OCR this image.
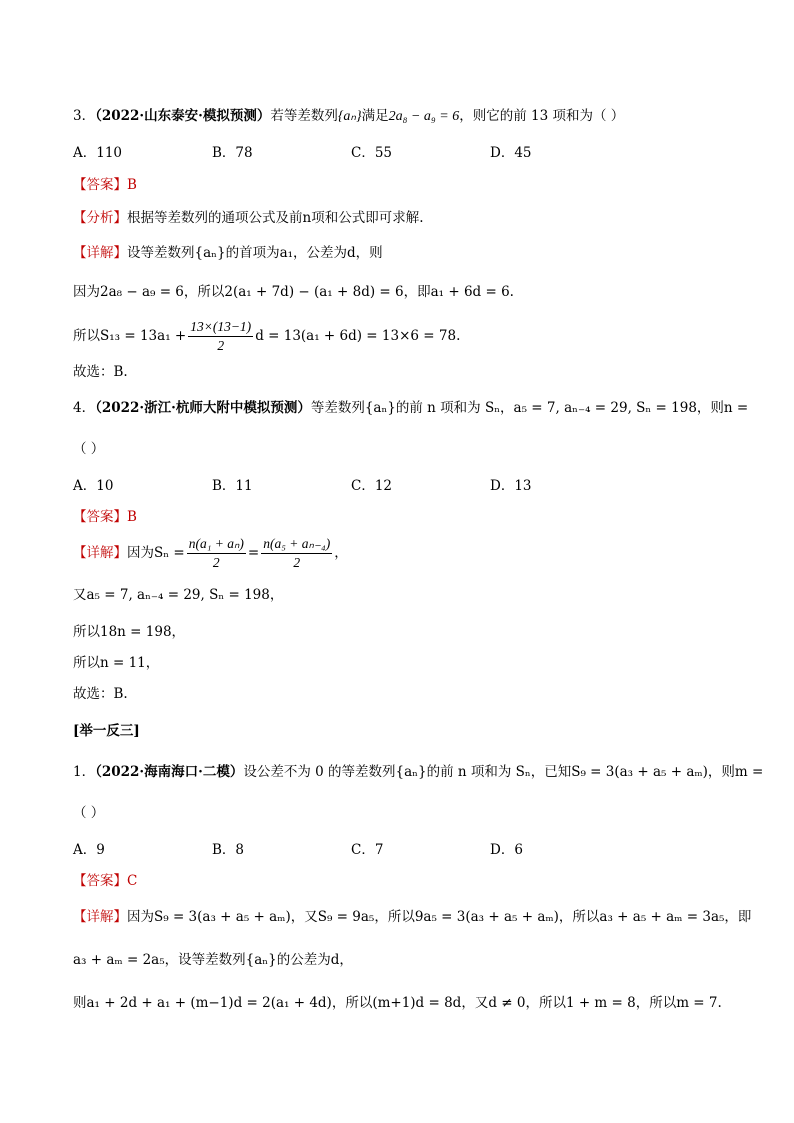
3．（2022·山东泰安·模拟预测）若等差数列{aₙ}满足2a₈ − a₉ = 6，则它的前 13 项和为（ ）
A．110	B．78	C．55	D．45
【答案】B
【分析】根据等差数列的通项公式及前n项和公式即可求解.
【详解】设等差数列{aₙ}的首项为a₁，公差为d，则
因为2a₈ − a₉ = 6，所以2(a₁ + 7d) − (a₁ + 8d) = 6，即a₁ + 6d = 6.
所以$S_{13} = 13a_1 + \frac{13\times(13-1)}{2}$ d = 13(a₁ + 6d) = 13×6 = 78.
故选：B.
4．（2022·浙江·杭师大附中模拟预测）等差数列{aₙ}的前 n 项和为 Sₙ，a₅ = 7, aₙ₋₄ = 29, Sₙ = 198，则n =
（ ）
A．10	B．11	C．12	D．13
【答案】B
【详解】因为$S_n = \frac{\text{n(a₁ + aₙ)}}{2} = \frac{\text{n(a₅ + aₙ₋₄)}}{2}$ ，
又a₅ = 7, aₙ₋₄ = 29, Sₙ = 198，
所以18n = 198，
所以n = 11，
故选：B.
[举一反三]
1．（2022·海南海口·二模）设公差不为 0 的等差数列{aₙ}的前 n 项和为 Sₙ，已知S₉ = 3(a₃ + a₅ + aₘ)，则m =
（ ）
A．9	B．8	C．7	D．6
【答案】C
【详解】因为S₉ = 3(a₃ + a₅ + aₘ)，又S₉ = 9a₅，所以9a₅ = 3(a₃ + a₅ + aₘ)，所以a₃ + a₅ + aₘ = 3a₅，即
a₃ + aₘ = 2a₅，设等差数列{aₙ}的公差为d，
则a₁ + 2d + a₁ + (m−1)d = 2(a₁ + 4d)，所以(m+1)d = 8d，又d ≠ 0，所以1 + m = 8，所以m = 7.
